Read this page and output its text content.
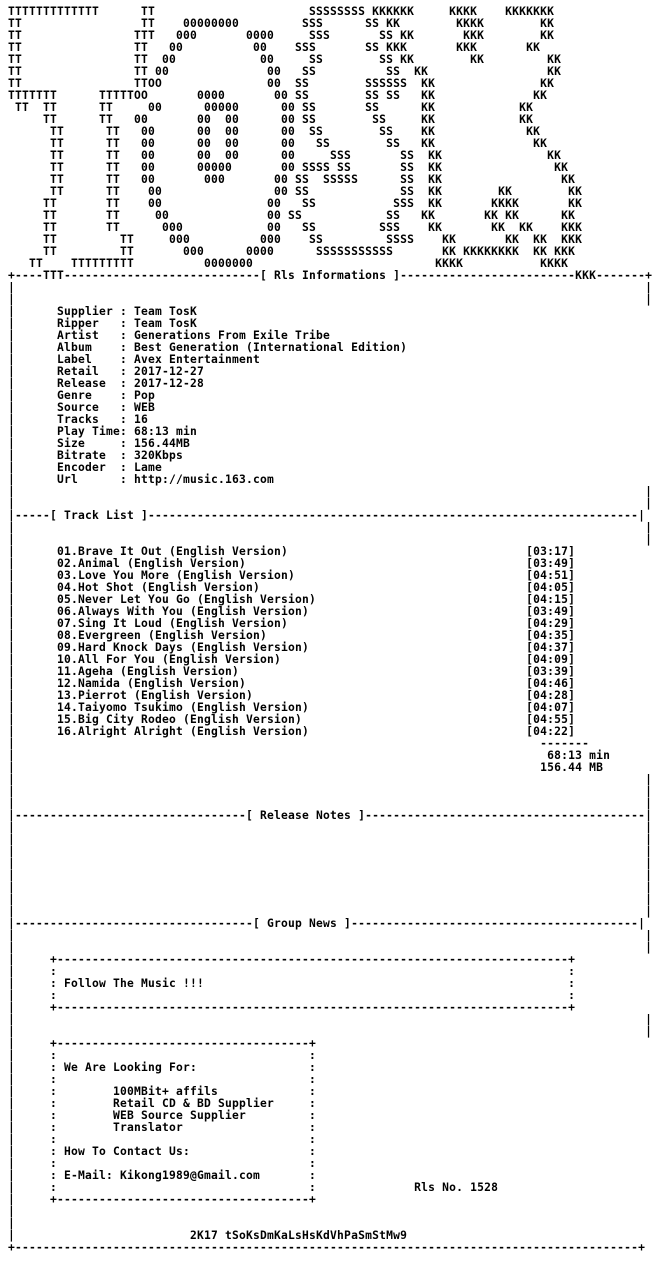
TTTTTTTTTTTTT      TT                      SSSSSSSS KKKKKK     KKKK    KKKKKKK
TT                 TT    00000000         SSS      SS KK        KKKK        KK
TT                TTT   000       0000     SSS       SS KK       KKK        KK
TT                TT   00          00    SSS       SS KKK       KKK       KK
TT                TT  00            00     SS        SS KK        KK         KK
TT                TT 00              00   SS          SS  KK                 KK
TT                TTOO               00  SS        SSSSSS  KK               KK
TTTTTTT      TTTTTOO       0000       00 SS        SS SS   KK              KK
TT  TT      TT     00      00000      00 SS       SS      KK            KK
TT      TT   00       00  00      00 SS        SS     KK            KK
TT      TT   00      00  00      00  SS        SS    KK             KK
TT      TT   00      00  00      00   SS        SS   KK              KK
TT      TT   00      00  00      00     SSS       SS  KK               KK
TT      TT   00      00000       00 SSSS SS       SS  KK                KK
TT      TT   00       000       00 SS  SSSSS      SS  KK                 KK
TT      TT    00                00 SS             SS  KK        KK        KK
TT       TT    00               00   SS           SSS  KK       KKKK       KK
TT       TT     00              00 SS            SS   KK       KK KK      KK
TT       TT      000            00   SS         SSS    KK       KK  KK    KKK
TT         TT     000          000    SS         SSSS    KK       KK  KK  KKK
TT         TT       000      0000      SSSSSSSSSSS       KK KKKKKKKK  KK KKK
TT    TTTTTTTTT          0000000                          KKKK           KKKK
+----TTT----------------------------[ Rls Informations ]-------------------------KKK-------+
|                                                                                          |
|                                                                                          |
|      Supplier : Team TosK
|      Ripper   : Team TosK
|      Artist   : Generations From Exile Tribe
|      Album    : Best Generation (International Edition)
|      Label    : Avex Entertainment
|      Retail   : 2017-12-27
|      Release  : 2017-12-28
|      Genre    : Pop
|      Source   : WEB
|      Tracks   : 16
|      Play Time: 68:13 min
|      Size     : 156.44MB
|      Bitrate  : 320Kbps
|      Encoder  : Lame
|      Url      : http://music.163.com
|                                                                                          |
|                                                                                          |
|-----[ Track List ]----------------------------------------------------------------------|
|                                                                                          |
|                                                                                          |
|      01.Brave It Out (English Version)                                  [03:17]
|      02.Animal (English Version)                                        [03:49]
|      03.Love You More (English Version)                                 [04:51]
|      04.Hot Shot (English Version)                                      [04:05]
|      05.Never Let You Go (English Version)                              [04:15]
|      06.Always With You (English Version)                               [03:49]
|      07.Sing It Loud (English Version)                                  [04:29]
|      08.Evergreen (English Version)                                     [04:35]
|      09.Hard Knock Days (English Version)                               [04:37]
|      10.All For You (English Version)                                   [04:09]
|      11.Ageha (English Version)                                         [03:39]
|      12.Namida (English Version)                                        [04:46]
|      13.Pierrot (English Version)                                       [04:28]
|      14.Taiyomo Tsukimo (English Version)                               [04:07]
|      15.Big City Rodeo (English Version)                                [04:55]
|      16.Alright Alright (English Version)                               [04:22]
|                                                                           -------
|                                                                            68:13 min
|                                                                           156.44 MB
|                                                                                          |
|                                                                                          |
|                                                                                          |
|---------------------------------[ Release Notes ]----------------------------------------|
|                                                                                          |
|                                                                                          |
|                                                                                          |
|                                                                                          |
|                                                                                          |
|                                                                                          |
|                                                                                          |
|                                                                                          |
|----------------------------------[ Group News ]-----------------------------------------|
|                                                                                          |
|                                                                                          |
|     +-------------------------------------------------------------------------+
|     :                                                                         :
|     : Follow The Music !!!                                                    :
|     :                                                                         :
|     +-------------------------------------------------------------------------+
|                                                                                          |
|                                                                                          |
|     +------------------------------------+
|     :                                    :
|     : We Are Looking For:                :
|     :                                    :
|     :        100MBit+ affils             :
|     :        Retail CD & BD Supplier     :
|     :        WEB Source Supplier         :
|     :        Translator                  :
|     :                                    :
|     : How To Contact Us:                 :
|     :                                    :
|     : E-Mail: Kikong1989@Gmail.com       :
|     :                                    :              Rls No. 1528
|     +------------------------------------+
|
|
|                         2K17 tSoKsDmKaLsHsKdVhPaSmStMw9
+-----------------------------------------------------------------------------------------+
